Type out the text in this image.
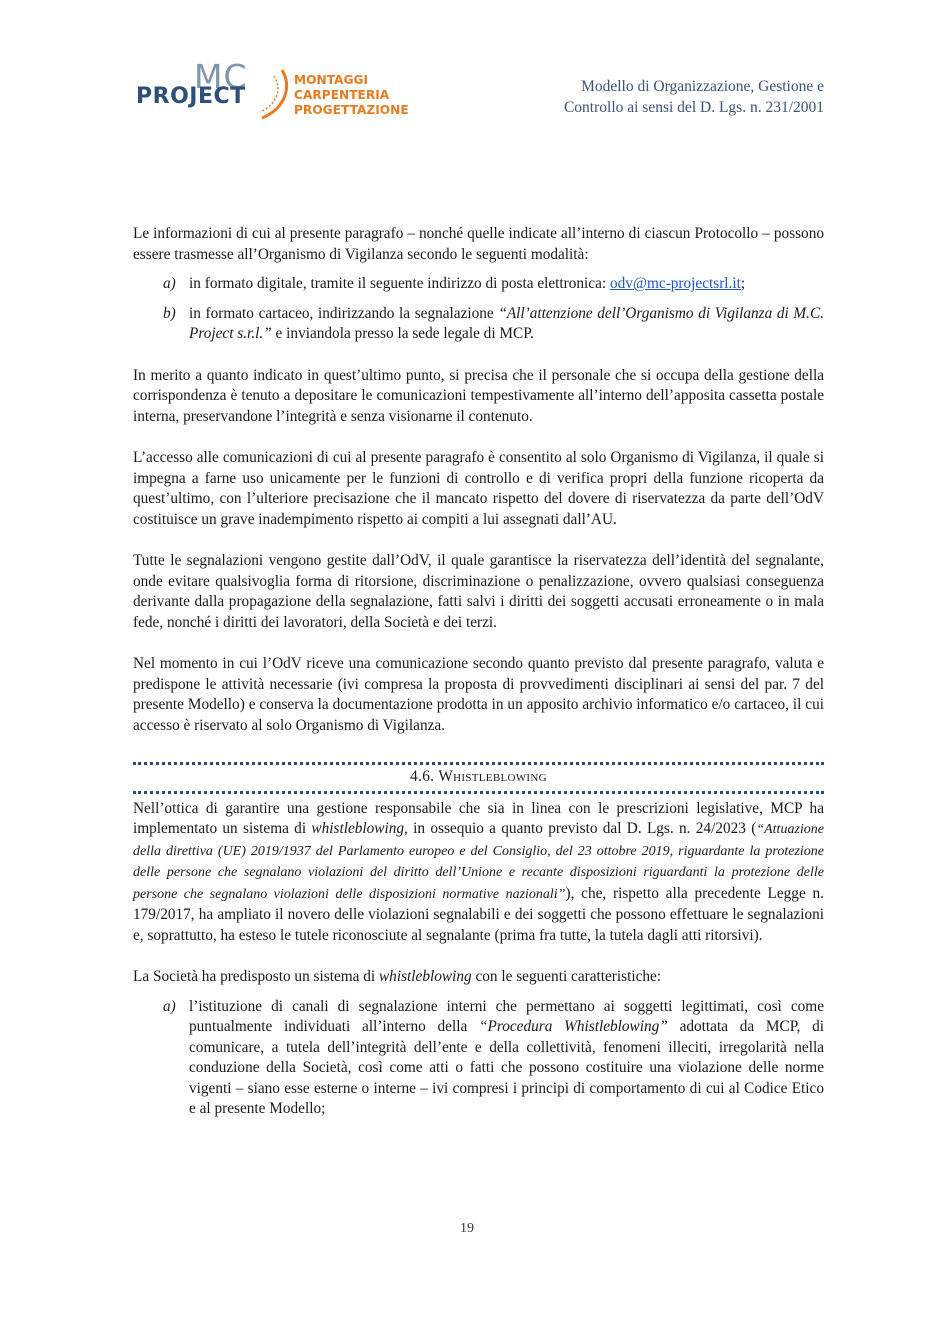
MC
PROJECT
MONTAGGI
CARPENTERIA
PROGETTAZIONE
Modello di Organizzazione, Gestione e
Controllo ai sensi del D. Lgs. n. 231/2001

Le informazioni di cui al presente paragrafo – nonché quelle indicate all’interno di ciascun Protocollo – possono essere trasmesse all’Organismo di Vigilanza secondo le seguenti modalità:

a) in formato digitale, tramite il seguente indirizzo di posta elettronica: odv@mc-projectsrl.it;

b) in formato cartaceo, indirizzando la segnalazione “All’attenzione dell’Organismo di Vigilanza di M.C. Project s.r.l.” e inviandola presso la sede legale di MCP.

In merito a quanto indicato in quest’ultimo punto, si precisa che il personale che si occupa della gestione della corrispondenza è tenuto a depositare le comunicazioni tempestivamente all’interno dell’apposita cassetta postale interna, preservandone l’integrità e senza visionarne il contenuto.

L’accesso alle comunicazioni di cui al presente paragrafo è consentito al solo Organismo di Vigilanza, il quale si impegna a farne uso unicamente per le funzioni di controllo e di verifica propri della funzione ricoperta da quest’ultimo, con l’ulteriore precisazione che il mancato rispetto del dovere di riservatezza da parte dell’OdV costituisce un grave inadempimento rispetto ai compiti a lui assegnati dall’AU.

Tutte le segnalazioni vengono gestite dall’OdV, il quale garantisce la riservatezza dell’identità del segnalante, onde evitare qualsivoglia forma di ritorsione, discriminazione o penalizzazione, ovvero qualsiasi conseguenza derivante dalla propagazione della segnalazione, fatti salvi i diritti dei soggetti accusati erroneamente o in mala fede, nonché i diritti dei lavoratori, della Società e dei terzi.

Nel momento in cui l’OdV riceve una comunicazione secondo quanto previsto dal presente paragrafo, valuta e predispone le attività necessarie (ivi compresa la proposta di provvedimenti disciplinari ai sensi del par. 7 del presente Modello) e conserva la documentazione prodotta in un apposito archivio informatico e/o cartaceo, il cui accesso è riservato al solo Organismo di Vigilanza.

4.6. Whistleblowing

Nell’ottica di garantire una gestione responsabile che sia in linea con le prescrizioni legislative, MCP ha implementato un sistema di whistleblowing, in ossequio a quanto previsto dal D. Lgs. n. 24/2023 (“Attuazione della direttiva (UE) 2019/1937 del Parlamento europeo e del Consiglio, del 23 ottobre 2019, riguardante la protezione delle persone che segnalano violazioni del diritto dell’Unione e recante disposizioni riguardanti la protezione delle persone che segnalano violazioni delle disposizioni normative nazionali”), che, rispetto alla precedente Legge n. 179/2017, ha ampliato il novero delle violazioni segnalabili e dei soggetti che possono effettuare le segnalazioni e, soprattutto, ha esteso le tutele riconosciute al segnalante (prima fra tutte, la tutela dagli atti ritorsivi).

La Società ha predisposto un sistema di whistleblowing con le seguenti caratteristiche:

a) l’istituzione di canali di segnalazione interni che permettano ai soggetti legittimati, così come puntualmente individuati all’interno della “Procedura Whistleblowing” adottata da MCP, di comunicare, a tutela dell’integrità dell’ente e della collettività, fenomeni illeciti, irregolarità nella conduzione della Società, così come atti o fatti che possono costituire una violazione delle norme vigenti – siano esse esterne o interne – ivi compresi i principi di comportamento di cui al Codice Etico e al presente Modello;

19
